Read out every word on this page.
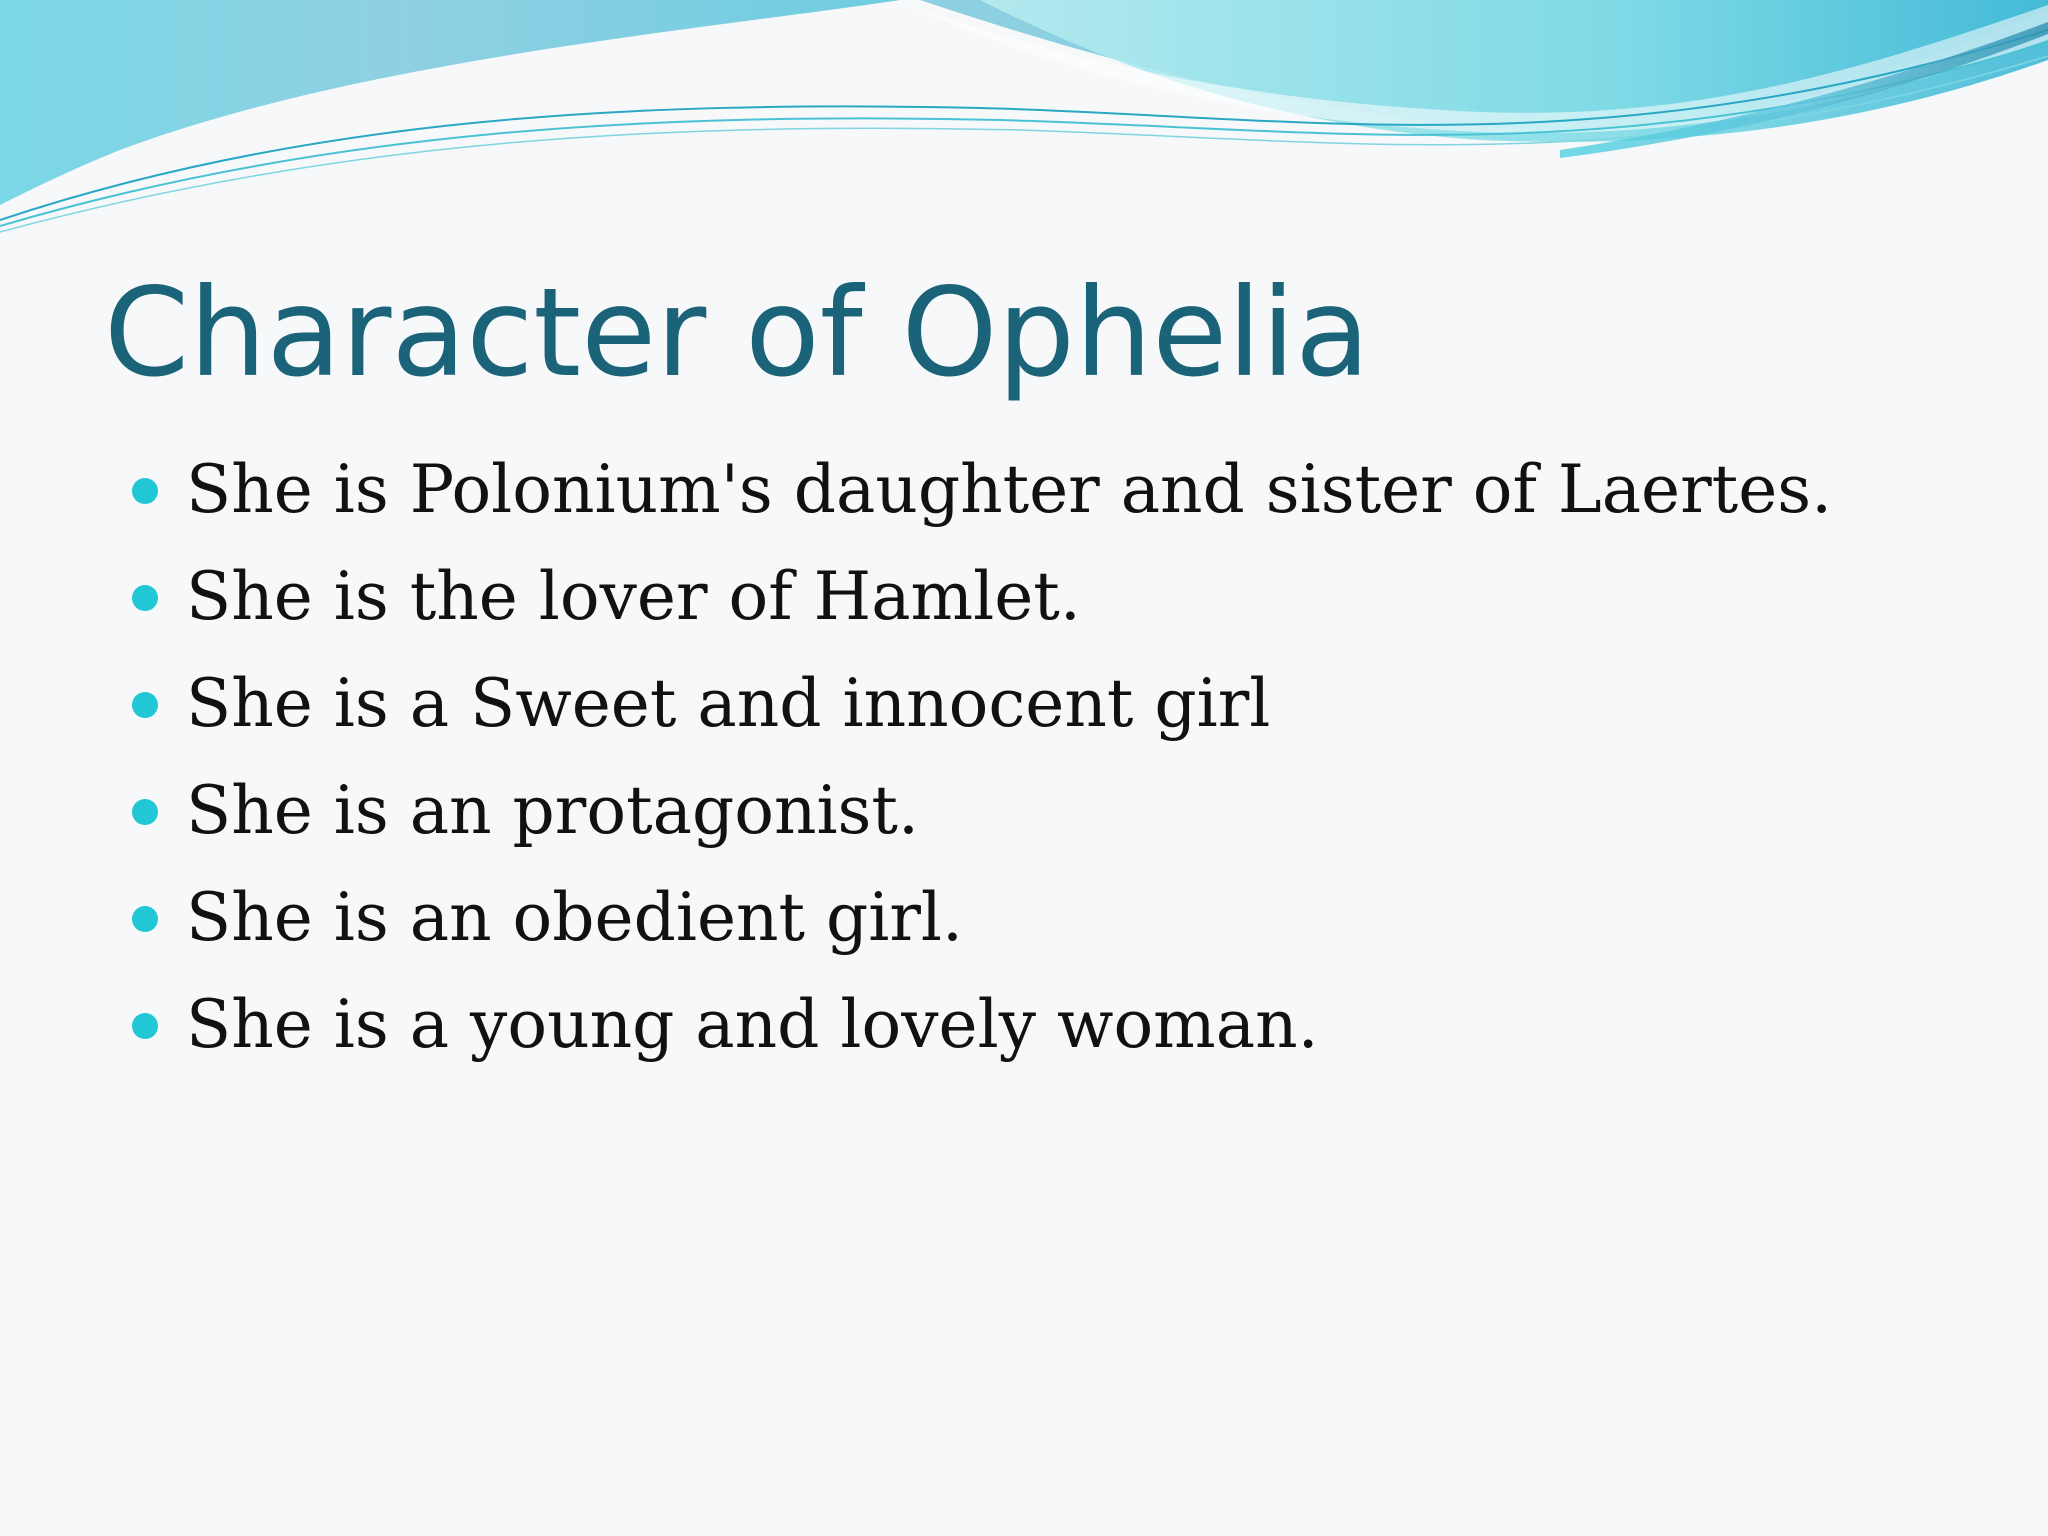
Character of Ophelia
She is Polonium's daughter and sister of Laertes.
She is the lover of Hamlet.
She is a Sweet and innocent girl
She is an protagonist.
She is an obedient girl.
She is a young and lovely woman.
